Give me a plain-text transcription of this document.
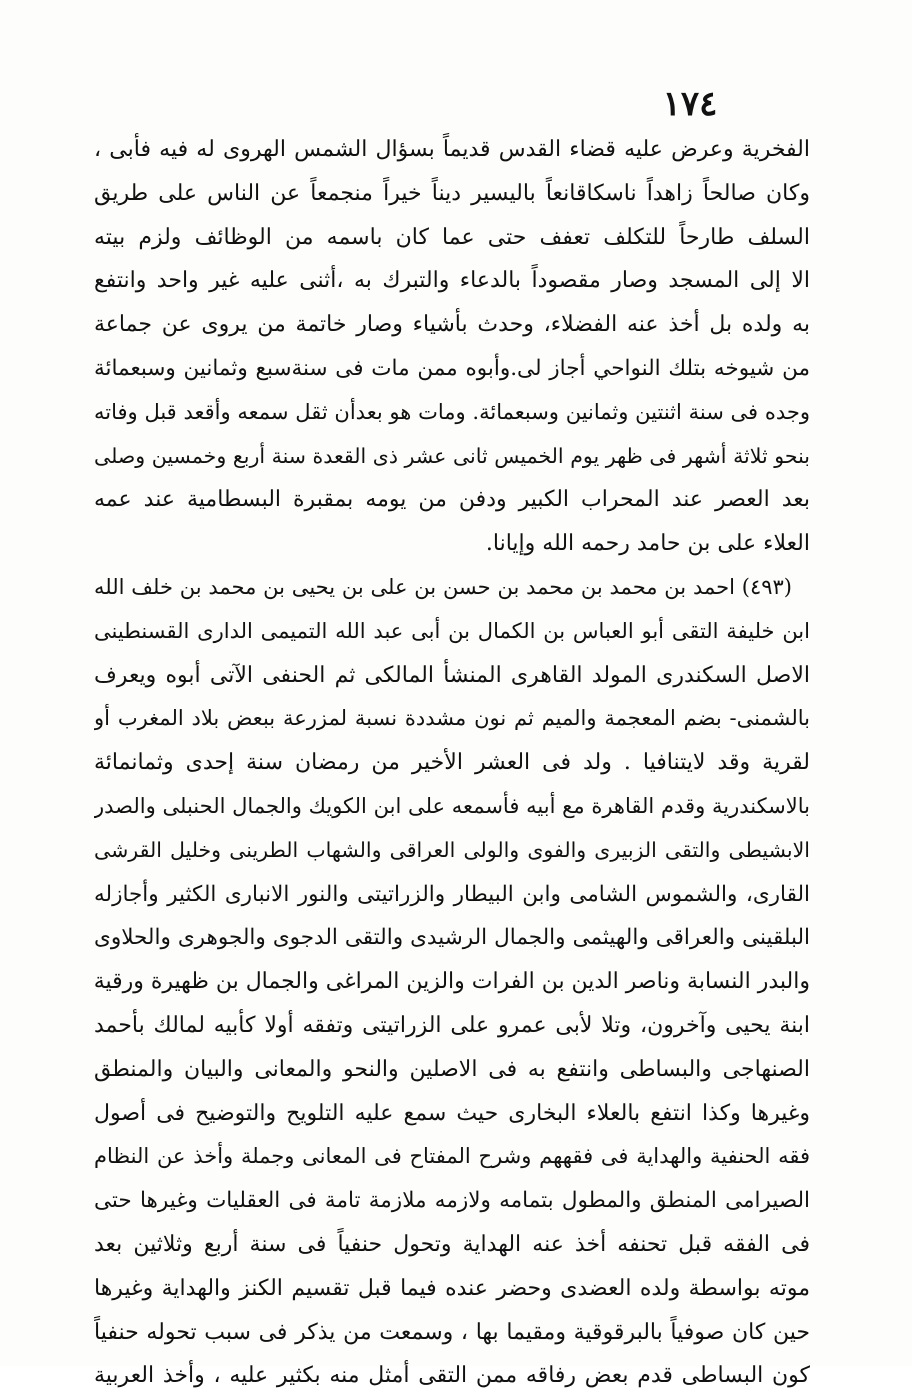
١٧٤
الفخرية وعرض عليه قضاء القدس قديماً بسؤال الشمس الهروى له فيه فأبى ،
وكان صالحاً زاهداً ناسكاقانعاً باليسير ديناً خيراً منجمعاً عن الناس على طريق
السلف طارحاً للتكلف تعفف حتى عما كان باسمه من الوظائف ولزم بيته
الا إلى المسجد وصار مقصوداً بالدعاء والتبرك به ،أثنى عليه غير واحد وانتفع
به ولده بل أخذ عنه الفضلاء، وحدث بأشياء وصار خاتمة من يروى عن جماعة
من شيوخه بتلك النواحي أجاز لى.وأبوه ممن مات فى سنةسبع وثمانين وسبعمائة
وجده فى سنة اثنتين وثمانين وسبعمائة. ومات هو بعدأن ثقل سمعه وأقعد قبل وفاته
بنحو ثلاثة أشهر فى ظهر يوم الخميس ثانى عشر ذى القعدة سنة أربع وخمسين وصلى
بعد العصر عند المحراب الكبير ودفن من يومه بمقبرة البسطامية عند عمه
العلاء على بن حامد رحمه الله وإيانا.
(٤٩٣) احمد بن محمد بن محمد بن حسن بن على بن يحيى بن محمد بن خلف الله
ابن خليفة التقى أبو العباس بن الكمال بن أبى عبد الله التميمى الدارى القسنطينى
الاصل السكندرى المولد القاهرى المنشأ المالكى ثم الحنفى الآتى أبوه ويعرف
بالشمنى- بضم المعجمة والميم ثم نون مشددة نسبة لمزرعة ببعض بلاد المغرب أو
لقرية وقد لايتنافيا . ولد فى العشر الأخير من رمضان سنة إحدى وثمانمائة
بالاسكندرية وقدم القاهرة مع أبيه فأسمعه على ابن الكويك والجمال الحنبلى والصدر
الابشيطى والتقى الزبيرى والفوى والولى العراقى والشهاب الطرينى وخليل القرشى
القارى، والشموس الشامى وابن البيطار والزراتيتى والنور الانبارى الكثير وأجازله
البلقينى والعراقى والهيثمى والجمال الرشيدى والتقى الدجوى والجوهرى والحلاوى
والبدر النسابة وناصر الدين بن الفرات والزين المراغى والجمال بن ظهيرة ورقية
ابنة يحيى وآخرون، وتلا لأبى عمرو على الزراتيتى وتفقه أولا كأبيه لمالك بأحمد
الصنهاجى والبساطى وانتفع به فى الاصلين والنحو والمعانى والبيان والمنطق
وغيرها وكذا انتفع بالعلاء البخارى حيث سمع عليه التلويح والتوضيح فى أصول
فقه الحنفية والهداية فى فقههم وشرح المفتاح فى المعانى وجملة وأخذ عن النظام
الصيرامى المنطق والمطول بتمامه ولازمه ملازمة تامة فى العقليات وغيرها حتى
فى الفقه قبل تحنفه أخذ عنه الهداية وتحول حنفياً فى سنة أربع وثلاثين بعد
موته بواسطة ولده العضدى وحضر عنده فيما قبل تقسيم الكنز والهداية وغيرها
حين كان صوفياً بالبرقوقية ومقيما بها ، وسمعت من يذكر فى سبب تحوله حنفياً
كون البساطى قدم بعض رفاقه ممن التقى أمثل منه بكثير عليه ، وأخذ العربية
